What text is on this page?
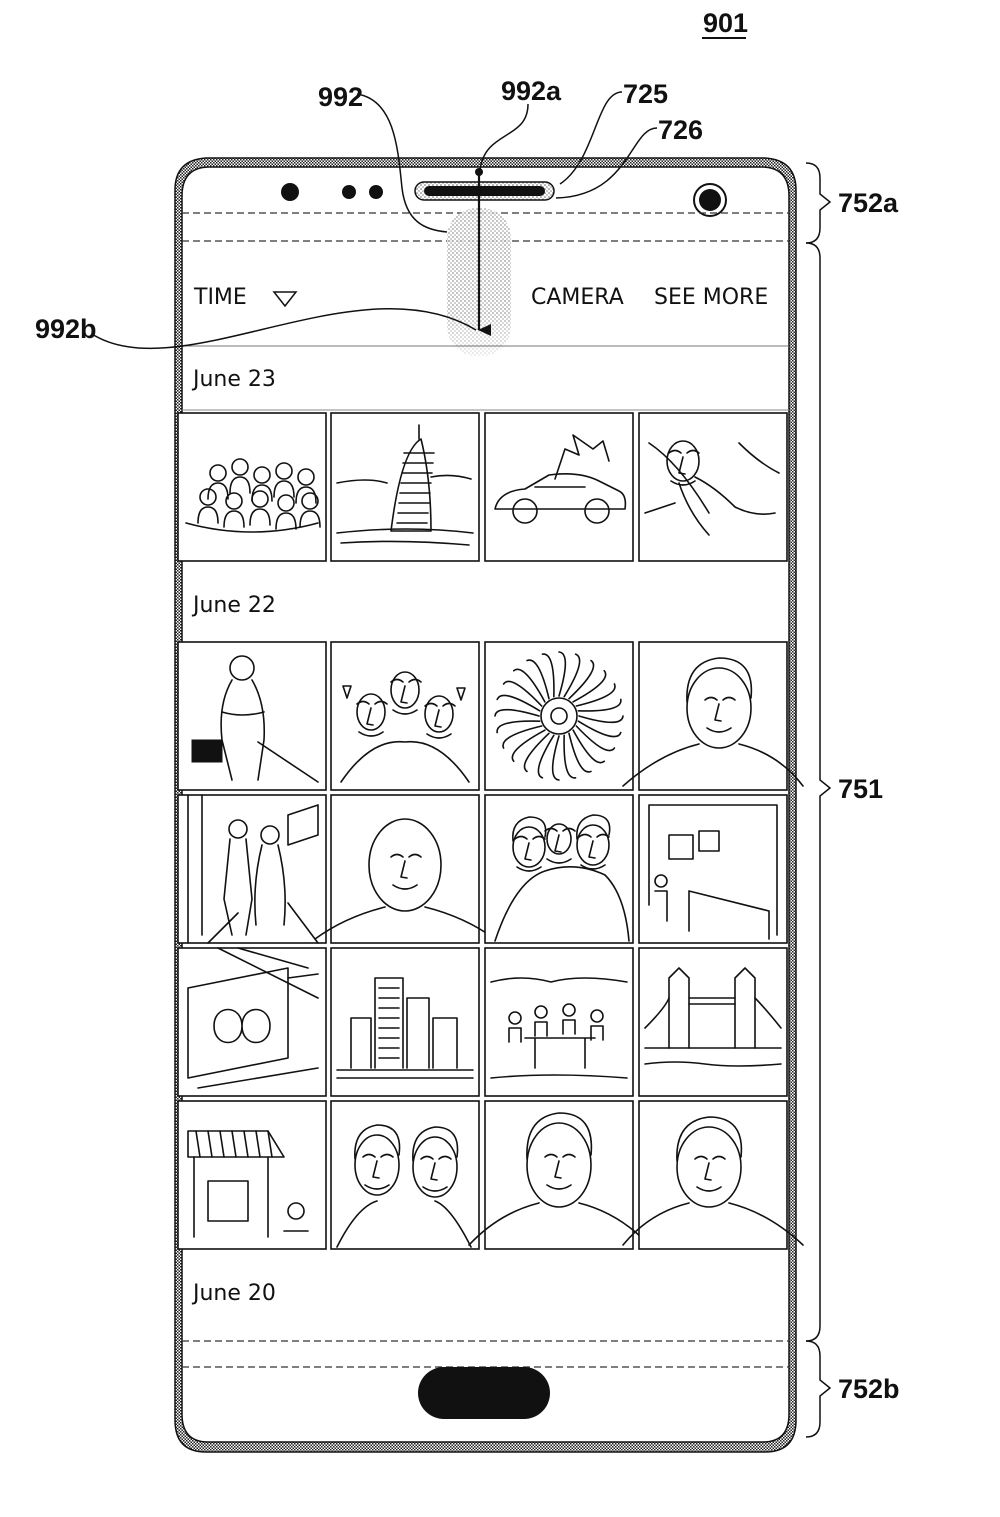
901
TIME	CAMERA SEE MORE
June 23
June 22
June 20
992	992a 725
726
992b
752a
751
752b
